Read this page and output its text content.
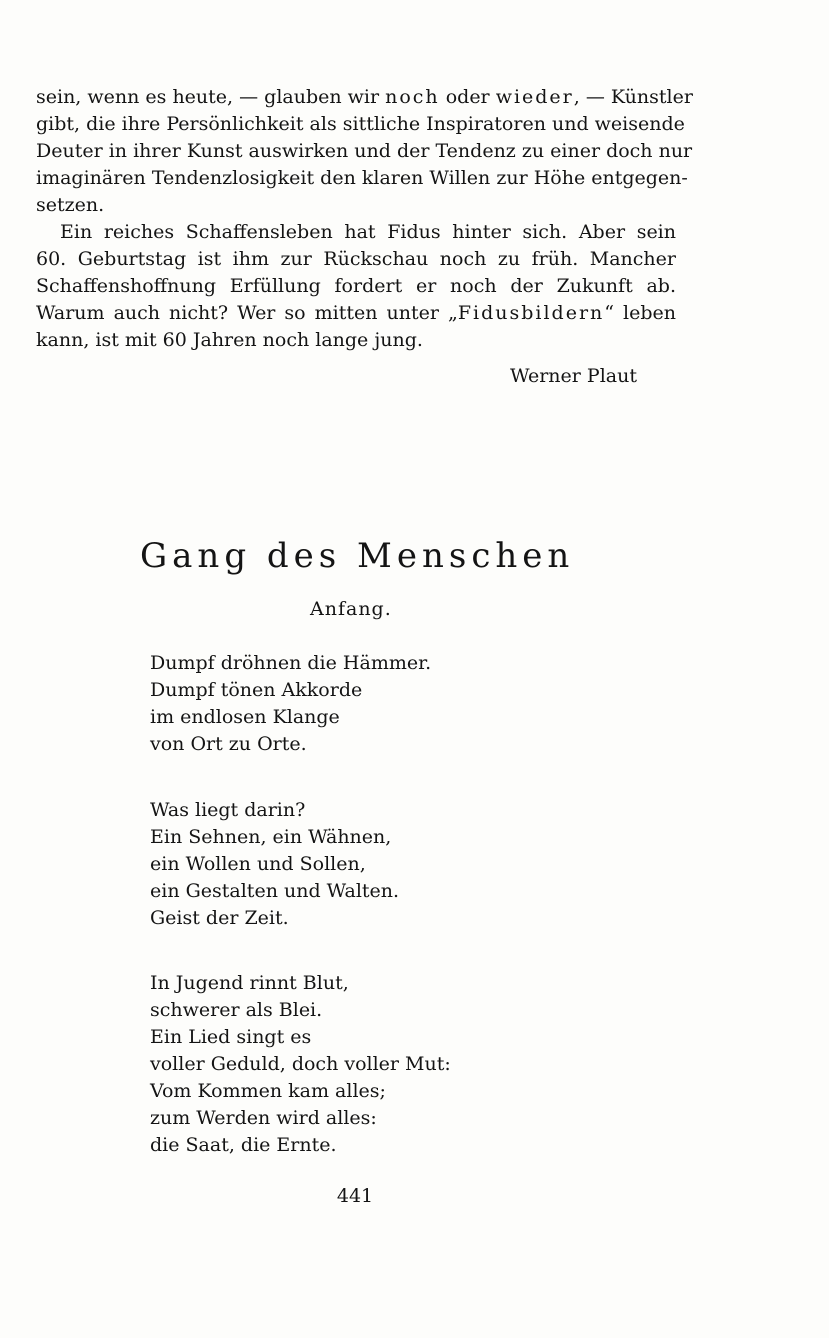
sein, wenn es heute, — glauben wir noch oder wieder, — Künstler
gibt, die ihre Persönlichkeit als sittliche Inspiratoren und weisende
Deuter in ihrer Kunst auswirken und der Tendenz zu einer doch nur
imaginären Tendenzlosigkeit den klaren Willen zur Höhe entgegen-
setzen.
Ein reiches Schaffensleben hat Fidus hinter sich. Aber sein
60. Geburtstag ist ihm zur Rückschau noch zu früh. Mancher
Schaffenshoffnung Erfüllung fordert er noch der Zukunft ab.
Warum auch nicht? Wer so mitten unter „Fidusbildern“ leben
kann, ist mit 60 Jahren noch lange jung.
Werner Plaut
Gang des Menschen
Anfang.
Dumpf dröhnen die Hämmer.
Dumpf tönen Akkorde
im endlosen Klange
von Ort zu Orte.
Was liegt darin?
Ein Sehnen, ein Wähnen,
ein Wollen und Sollen,
ein Gestalten und Walten.
Geist der Zeit.
In Jugend rinnt Blut,
schwerer als Blei.
Ein Lied singt es
voller Geduld, doch voller Mut:
Vom Kommen kam alles;
zum Werden wird alles:
die Saat, die Ernte.
441
